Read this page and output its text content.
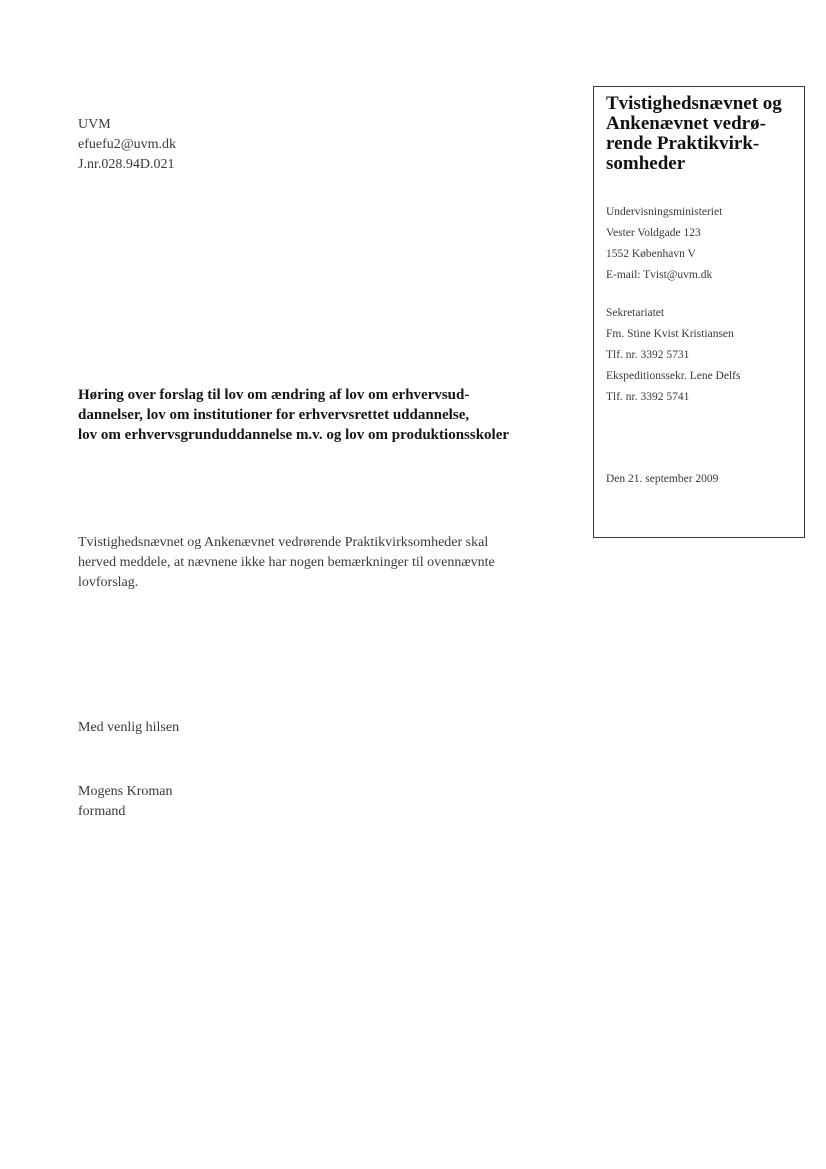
UVM
efuefu2@uvm.dk
J.nr.028.94D.021
Tvistighedsnævnet og
Ankenævnet vedrø-
rende Praktikvirk-
somheder
Undervisningsministeriet
Vester Voldgade 123
1552 København V
E-mail: Tvist@uvm.dk
Sekretariatet
Fm. Stine Kvist Kristiansen
Tlf. nr. 3392 5731
Ekspeditionssekr. Lene Delfs
Tlf. nr. 3392 5741
Den 21. september 2009
Høring over forslag til lov om ændring af lov om erhvervsud-
dannelser, lov om institutioner for erhvervsrettet uddannelse,
lov om erhvervsgrunduddannelse m.v. og lov om produktionsskoler
Tvistighedsnævnet og Ankenævnet vedrørende Praktikvirksomheder skal
herved meddele, at nævnene ikke har nogen bemærkninger til ovennævnte
lovforslag.
Med venlig hilsen
Mogens Kroman
formand
